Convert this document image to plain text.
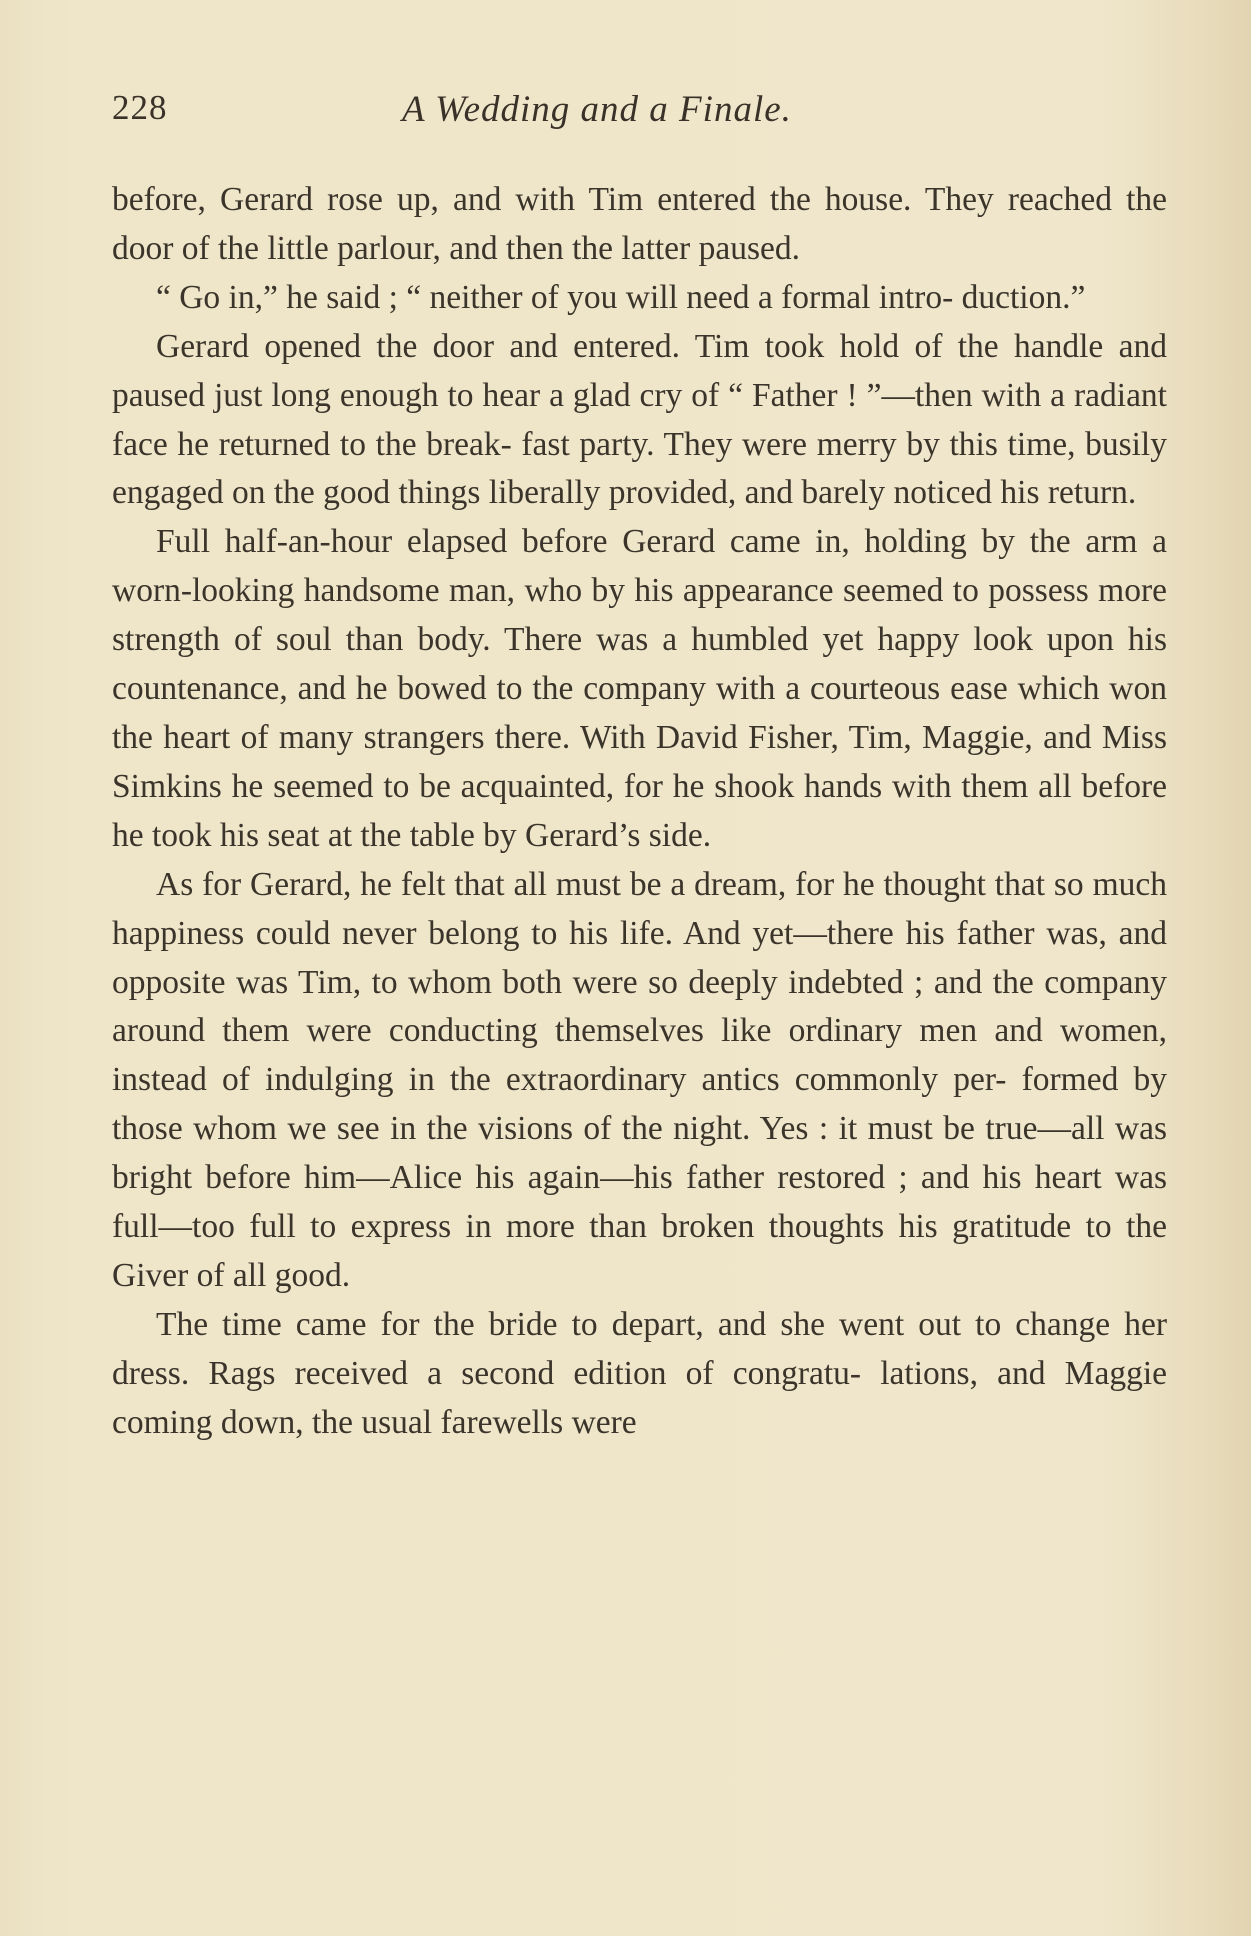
228	A Wedding and a Finale.

before, Gerard rose up, and with Tim entered the house. They reached the door of the little parlour, and then the latter paused.

“ Go in,” he said ; “ neither of you will need a formal intro- duction.”

Gerard opened the door and entered. Tim took hold of the handle and paused just long enough to hear a glad cry of “ Father ! ”—then with a radiant face he returned to the break- fast party. They were merry by this time, busily engaged on the good things liberally provided, and barely noticed his return.

Full half-an-hour elapsed before Gerard came in, holding by the arm a worn-looking handsome man, who by his appearance seemed to possess more strength of soul than body. There was a humbled yet happy look upon his countenance, and he bowed to the company with a courteous ease which won the heart of many strangers there. With David Fisher, Tim, Maggie, and Miss Simkins he seemed to be acquainted, for he shook hands with them all before he took his seat at the table by Gerard’s side.

As for Gerard, he felt that all must be a dream, for he thought that so much happiness could never belong to his life. And yet—there his father was, and opposite was Tim, to whom both were so deeply indebted ; and the company around them were conducting themselves like ordinary men and women, instead of indulging in the extraordinary antics commonly per- formed by those whom we see in the visions of the night. Yes : it must be true—all was bright before him—Alice his again—his father restored ; and his heart was full—too full to express in more than broken thoughts his gratitude to the Giver of all good.

The time came for the bride to depart, and she went out to change her dress. Rags received a second edition of congratu- lations, and Maggie coming down, the usual farewells were
